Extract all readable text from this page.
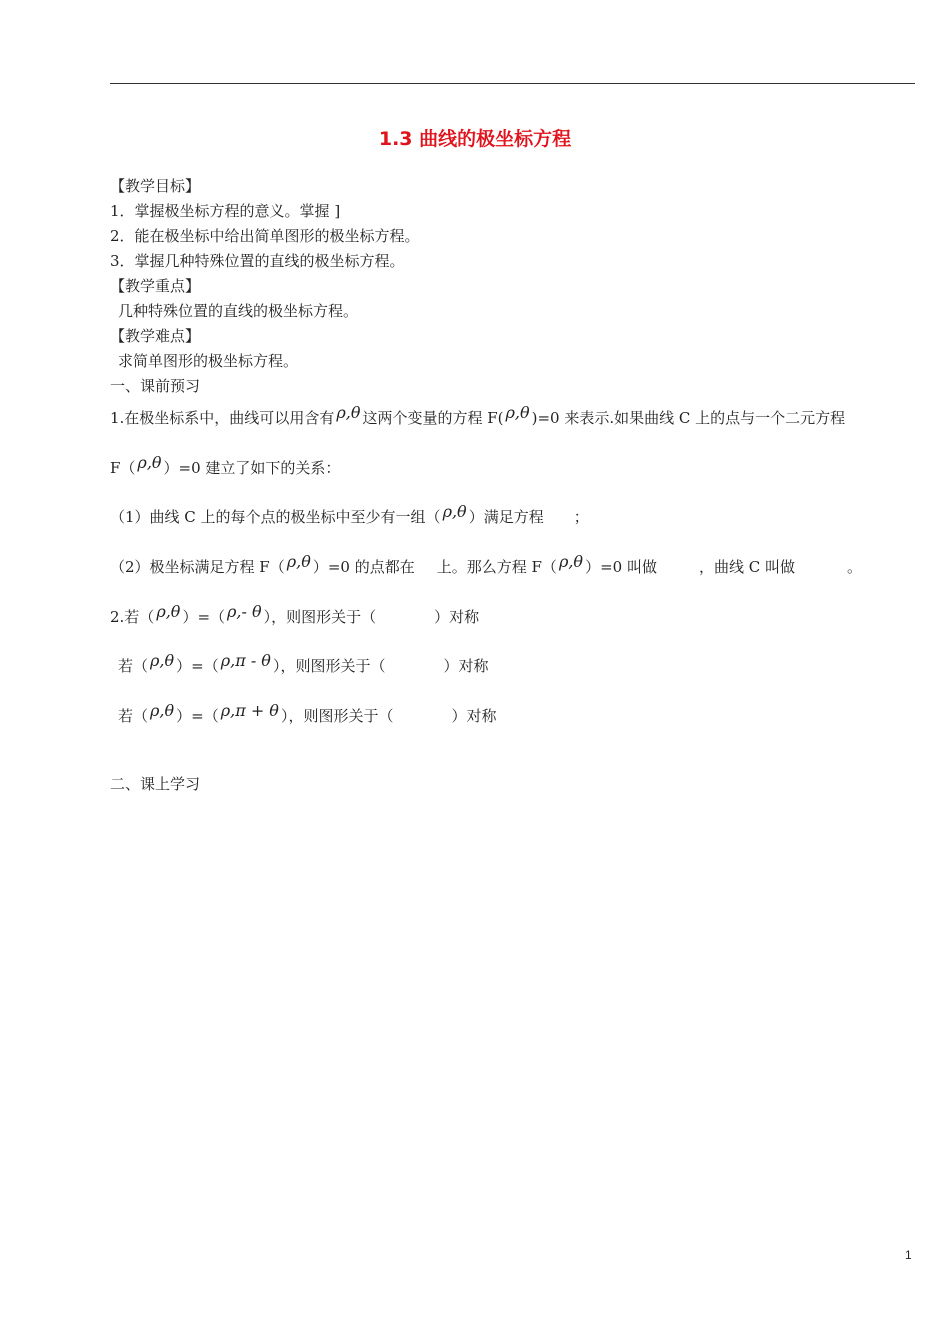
1.3 曲线的极坐标方程
【教学目标】
1．掌握极坐标方程的意义。掌握 ]
2．能在极坐标中给出简单图形的极坐标方程。
3．掌握几种特殊位置的直线的极坐标方程。
【教学重点】
几种特殊位置的直线的极坐标方程。
【教学难点】
求简单图形的极坐标方程。
一、课前预习
1.在极坐标系中，曲线可以用含有 ρ,θ 这两个变量的方程 F( ρ,θ )=0 来表示.如果曲线 C 上的点与一个二元方程
F（ ρ,θ ）=0 建立了如下的关系：
（1）曲线 C 上的每个点的极坐标中至少有一组（ ρ,θ ）满足方程 ；
（2）极坐标满足方程 F（ ρ,θ ）=0 的点都在 上。那么方程 F（ ρ,θ ）=0 叫做	，曲线 C 叫做	。
2.若（ ρ,θ ）=（ ρ,- θ ），则图形关于（	）对称
若（ ρ,θ ）=（ ρ,π - θ ），则图形关于（	）对称
若（ ρ,θ ）=（ ρ,π + θ ），则图形关于（	）对称
二、课上学习
1
